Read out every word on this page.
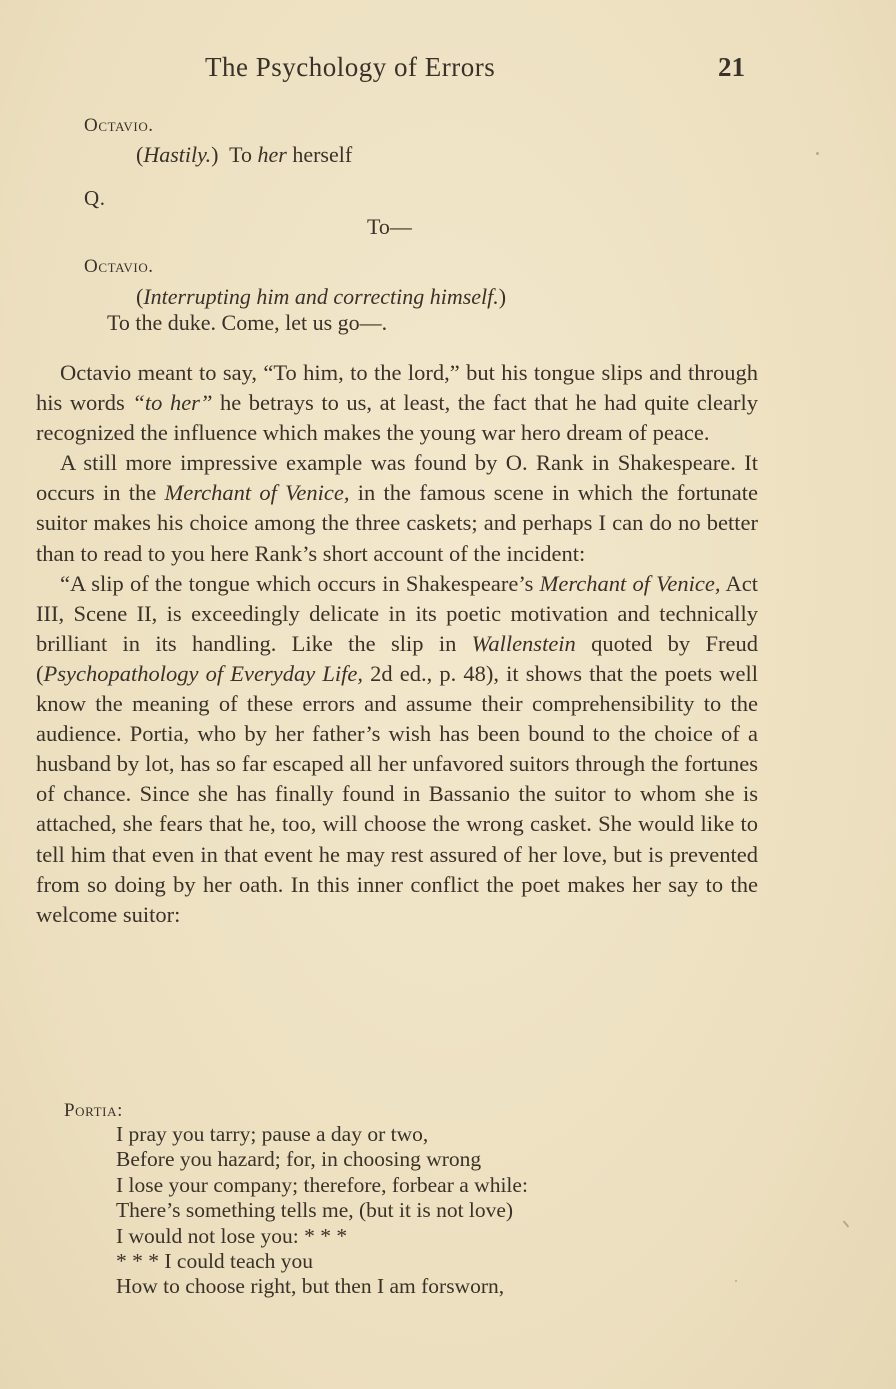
The Psychology of Errors	21
Octavio.
(Hastily.)  To her herself
Q.
To—
Octavio.
(Interrupting him and correcting himself.)
To the duke. Come, let us go—.

Octavio meant to say, “To him, to the lord,” but his tongue slips and through his words “to her” he betrays to us, at least, the fact that he had quite clearly recognized the influence which makes the young war hero dream of peace.

A still more impressive example was found by O. Rank in Shakespeare. It occurs in the Merchant of Venice, in the famous scene in which the fortunate suitor makes his choice among the three caskets; and perhaps I can do no better than to read to you here Rank’s short account of the incident:

“A slip of the tongue which occurs in Shakespeare’s Merchant of Venice, Act III, Scene II, is exceedingly delicate in its poetic motivation and technically brilliant in its handling. Like the slip in Wallenstein quoted by Freud (Psychopathology of Everyday Life, 2d ed., p. 48), it shows that the poets well know the meaning of these errors and assume their comprehensibility to the audience. Portia, who by her father’s wish has been bound to the choice of a husband by lot, has so far escaped all her unfavored suitors through the fortunes of chance. Since she has finally found in Bassanio the suitor to whom she is attached, she fears that he, too, will choose the wrong casket. She would like to tell him that even in that event he may rest assured of her love, but is prevented from so doing by her oath. In this inner conflict the poet makes her say to the welcome suitor:

Portia:
I pray you tarry; pause a day or two,
Before you hazard; for, in choosing wrong
I lose your company; therefore, forbear a while:
There’s something tells me, (but it is not love)
I would not lose you: * * *
* * * I could teach you
How to choose right, but then I am forsworn,
